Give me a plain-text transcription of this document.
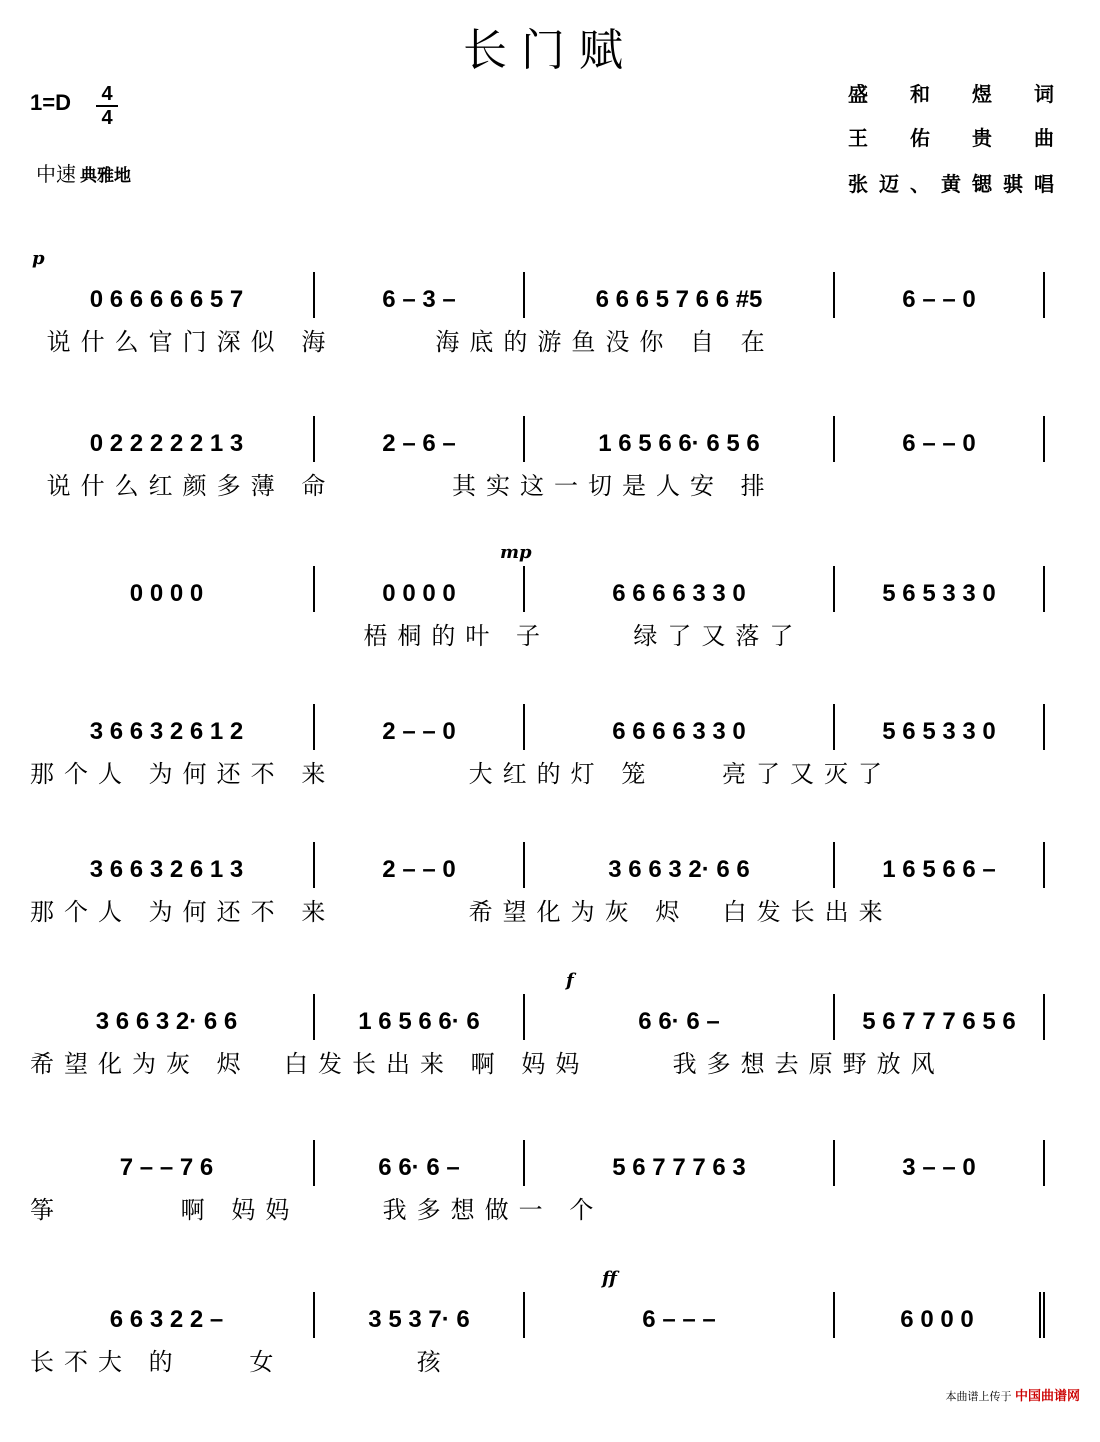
长门赋
1=D 4
4
中速 典雅地
盛和煜词
王佑贵曲
张迈、黄锶骐唱
0 6 6 6 6 6 5 7	6 – 3 –	6 6 6 5 7 6 6 #5	6 – – 0
p
说什么官门深似 海      海底的游鱼没你 自 在
0 2 2 2 2 2 1 3	2 – 6 –	1 6 5 6 6· 6 5 6	6 – – 0
说什么红颜多薄 命       其实这一切是人安 排
0 0 0 0	0 0 0 0	6 6 6 6 3 3 0	5 6 5 3 3 0
mp
梧桐的叶 子     绿了又落了
3 6 6 3 2 6 1 2	2 – – 0	6 6 6 6 3 3 0	5 6 5 3 3 0
那个人 为何还不 来        大红的灯 笼    亮了又灭了
3 6 6 3 2 6 1 3	2 – – 0	3 6 6 3 2· 6 6	1 6 5 6 6 –
那个人 为何还不 来        希望化为灰 烬  白发长出来
3 6 6 3 2· 6 6	1 6 5 6 6· 6	6 6· 6 –	5 6 7 7 7 6 5 6
f
希望化为灰 烬  白发长出来 啊 妈妈     我多想去原野放风
7 – – 7 6	6 6· 6 –	5 6 7 7 7 6 3	3 – – 0
筝       啊 妈妈     我多想做一 个
6 6 3 2 2 –	3 5 3 7· 6	6 – – –	6 0 0 0
ff
长不大 的    女        孩
本曲谱上传于 中国曲谱网
